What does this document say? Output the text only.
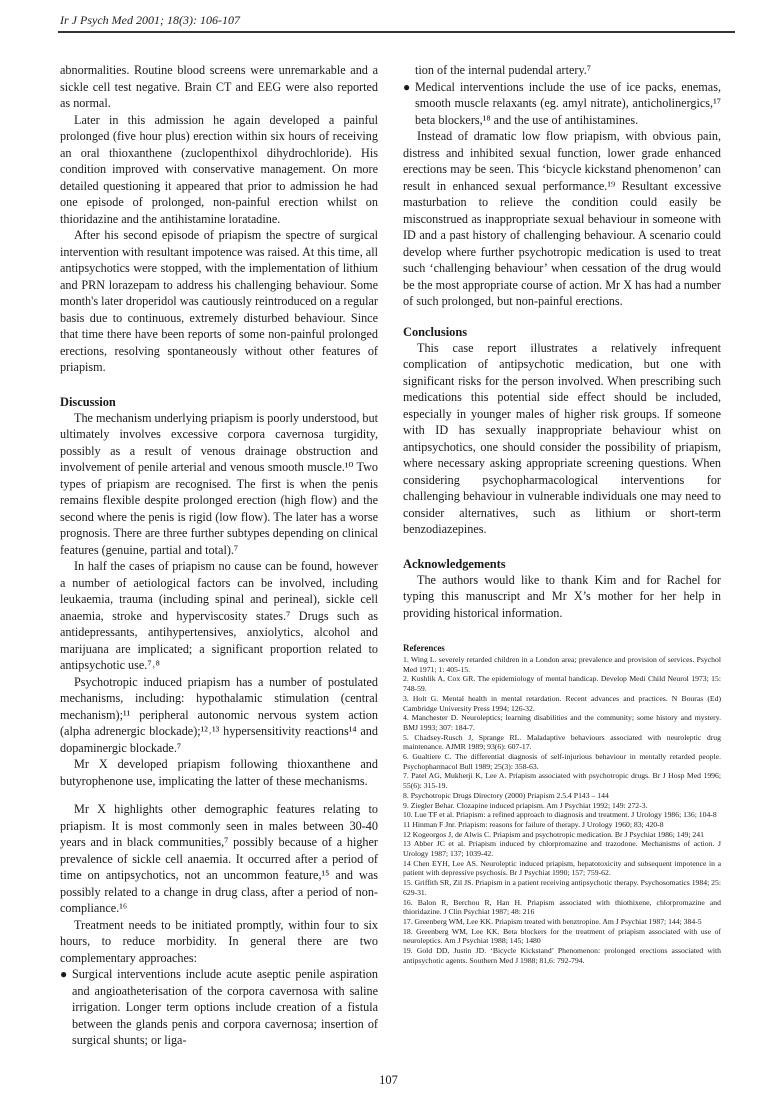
Ir J Psych Med 2001; 18(3): 106-107

abnormalities. Routine blood screens were unremarkable and a sickle cell test negative. Brain CT and EEG were also reported as normal.

Later in this admission he again developed a painful prolonged (five hour plus) erection within six hours of receiving an oral thioxanthene (zuclopenthixol dihydrochloride). His condition improved with conservative management. On more detailed questioning it appeared that prior to admission he had one episode of prolonged, non-painful erection whilst on thioridazine and the antihistamine loratadine.

After his second episode of priapism the spectre of surgical intervention with resultant impotence was raised. At this time, all antipsychotics were stopped, with the implementation of lithium and PRN lorazepam to address his challenging behaviour. Some month's later droperidol was cautiously reintroduced on a regular basis due to continuous, extremely disturbed behaviour. Since that time there have been reports of some non-painful prolonged erections, resolving spontaneously without other features of priapism.

Discussion

The mechanism underlying priapism is poorly understood, but ultimately involves excessive corpora cavernosa turgidity, possibly as a result of venous drainage obstruction and involvement of penile arterial and venous smooth muscle.¹⁰ Two types of priapism are recognised. The first is when the penis remains flexible despite prolonged erection (high flow) and the second where the penis is rigid (low flow). The later has a worse prognosis. There are three further subtypes depending on clinical features (genuine, partial and total).⁷

In half the cases of priapism no cause can be found, however a number of aetiological factors can be involved, including leukaemia, trauma (including spinal and perineal), sickle cell anaemia, stroke and hyperviscosity states.⁷ Drugs such as antidepressants, antihypertensives, anxiolytics, alcohol and marijuana are implicated; a significant proportion related to antipsychotic use.⁷˒⁸

Psychotropic induced priapism has a number of postulated mechanisms, including: hypothalamic stimulation (central mechanism);¹¹ peripheral autonomic nervous system action (alpha adrenergic blockade);¹²˒¹³ hypersensitivity reactions¹⁴ and dopaminergic blockade.⁷

Mr X developed priapism following thioxanthene and butyrophenone use, implicating the latter of these mechanisms.

Mr X highlights other demographic features relating to priapism. It is most commonly seen in males between 30-40 years and in black communities,⁷ possibly because of a higher prevalence of sickle cell anaemia. It occurred after a period of time on antipsychotics, not an uncommon feature,¹⁵ and was possibly related to a change in drug class, after a period of non-compliance.¹⁶

Treatment needs to be initiated promptly, within four to six hours, to reduce morbidity. In general there are two complementary approaches:

● Surgical interventions include acute aseptic penile aspiration and angioatheterisation of the corpora cavernosa with saline irrigation. Longer term options include creation of a fistula between the glands penis and corpora cavernosa; insertion of surgical shunts; or liga-
tion of the internal pudendal artery.⁷
● Medical interventions include the use of ice packs, enemas, smooth muscle relaxants (eg. amyl nitrate), anticholinergics,¹⁷ beta blockers,¹⁸ and the use of antihistamines.

Instead of dramatic low flow priapism, with obvious pain, distress and inhibited sexual function, lower grade enhanced erections may be seen. This ‘bicycle kickstand phenomenon’ can result in enhanced sexual performance.¹⁹ Resultant excessive masturbation to relieve the condition could easily be misconstrued as inappropriate sexual behaviour in someone with ID and a past history of challenging behaviour. A scenario could develop where further psychotropic medication is used to treat such ‘challenging behaviour’ when cessation of the drug would be the most appropriate course of action. Mr X has had a number of such prolonged, but non-painful erections.

Conclusions

This case report illustrates a relatively infrequent complication of antipsychotic medication, but one with significant risks for the person involved. When prescribing such medications this potential side effect should be included, especially in younger males of higher risk groups. If someone with ID has sexually inappropriate behaviour whist on antipsychotics, one should consider the possibility of priapism, where necessary asking appropriate screening questions. When considering psychopharmacological interventions for challenging behaviour in vulnerable individuals one may need to consider alternatives, such as lithium or short-term benzodiazepines.

Acknowledgements

The authors would like to thank Kim and for Rachel for typing this manuscript and Mr X’s mother for her help in providing historical information.

References
1. Wing L. severely retarded children in a London area; prevalence and provision of services. Psychol Med 1971; 1: 405-15.
2. Kushlik A, Cox GR. The epidemiology of mental handicap. Develop Medi Child Neurol 1973; 15: 748-59.
3. Holt G. Mental health in mental retardation. Recent advances and practices. N Bouras (Ed) Cambridge University Press 1994; 126-32.
4. Manchester D. Neuroleptics; learning disabilities and the community; some history and mystery. BMJ 1993; 307: 184-7.
5. Chadsey-Rusch J, Sprange RL. Maladaptive behaviours associated with neuroleptic drug maintenance. AJMR 1989; 93(6): 607-17.
6. Gualtiere C. The differential diagnosis of self-injurious behaviour in mentally retarded people. Psychopharmacol Bull 1989; 25(3): 358-63.
7. Patel AG, Mukherji K, Lee A. Priapism associated with psychotropic drugs. Br J Hosp Med 1996; 55(6): 315-19.
8. Psychotropic Drugs Directory (2000) Priapism 2.5.4 P143 – 144
9. Ziegler Behar. Clozapine induced priapism. Am J Psychiat 1992; 149: 272-3.
10. Lue TF et al. Priapism: a refined approach to diagnosis and treatment. J Urology 1986; 136; 104-8
11 Hinman F Jnr. Priapism: reasons for failure of therapy. J Urology 1960; 83; 420-8
12 Kogeorgos J, de Alwis C. Priapism and psychotropic medication. Br J Psychiat 1986; 149; 241
13 Abber JC et al. Priapism induced by chlorpromazine and trazodone. Mechanisms of action. J Urology 1987; 137; 1039-42.
14 Chen EYH, Lee AS. Neuroleptic induced priapism, hepatotoxicity and subsequent impotence in a patient with depressive psychosis. Br J Psychiat 1990; 157; 759-62.
15. Griffith SR, Zil JS. Priapism in a patient receiving antipsychotic therapy. Psychosomatics 1984; 25: 629-31.
16. Balon R, Berchou R, Han H. Priapism associated with thiothixene, chlorpromazine and thioridazine. J Clin Psychiat 1987; 48: 216
17. Greenberg WM, Lee KK. Priapism treated with benztropine. Am J Psychiat 1987; 144; 384-5
18. Greenberg WM, Lee KK. Beta blockers for the treatment of priapism associated with use of neuroleptics. Am J Psychiat 1988; 145; 1480
19. Gold DD, Justin JD. ‘Bicycle Kickstand’ Phenomenon: prolonged erections associated with antipsychotic agents. Southern Med J 1988; 81,6: 792-794.
107
